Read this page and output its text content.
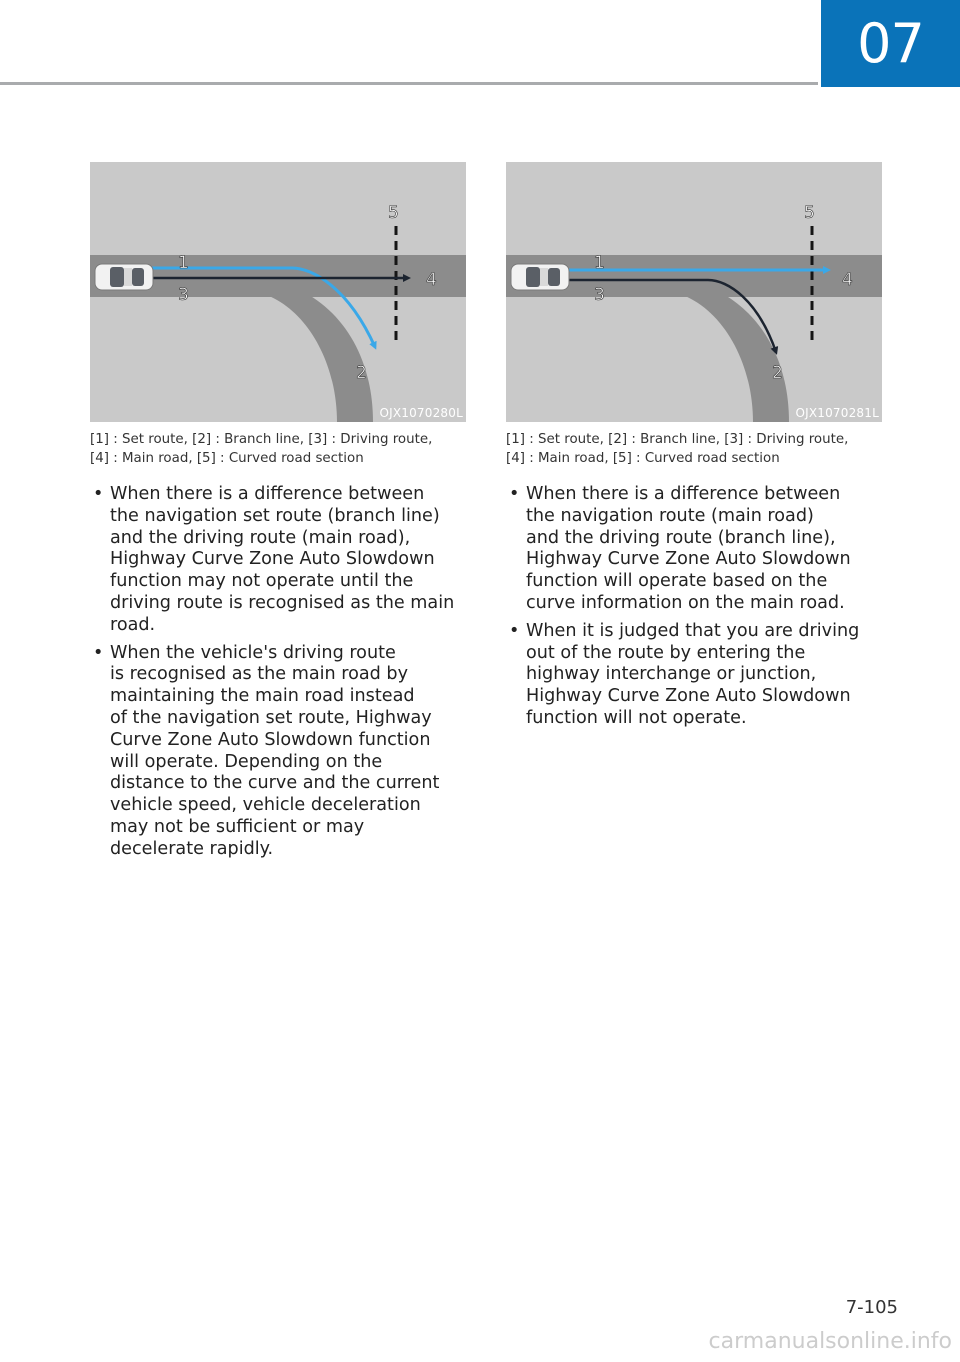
07
1
2
3
4
5
OJX1070280L
[1] : Set route, [2] : Branch line, [3] : Driving route,
[4] : Main road, [5] : Curved road section
• When there is a difference between
the navigation set route (branch line)
and the driving route (main road),
Highway Curve Zone Auto Slowdown
function may not operate until the
driving route is recognised as the main
road.
• When the vehicle's driving route
is recognised as the main road by
maintaining the main road instead
of the navigation set route, Highway
Curve Zone Auto Slowdown function
will operate. Depending on the
distance to the curve and the current
vehicle speed, vehicle deceleration
may not be sufficient or may
decelerate rapidly.
1
2
3
4
5
OJX1070281L
[1] : Set route, [2] : Branch line, [3] : Driving route,
[4] : Main road, [5] : Curved road section
• When there is a difference between
the navigation route (main road)
and the driving route (branch line),
Highway Curve Zone Auto Slowdown
function will operate based on the
curve information on the main road.
• When it is judged that you are driving
out of the route by entering the
highway interchange or junction,
Highway Curve Zone Auto Slowdown
function will not operate.
7-105
carmanualsonline.info
